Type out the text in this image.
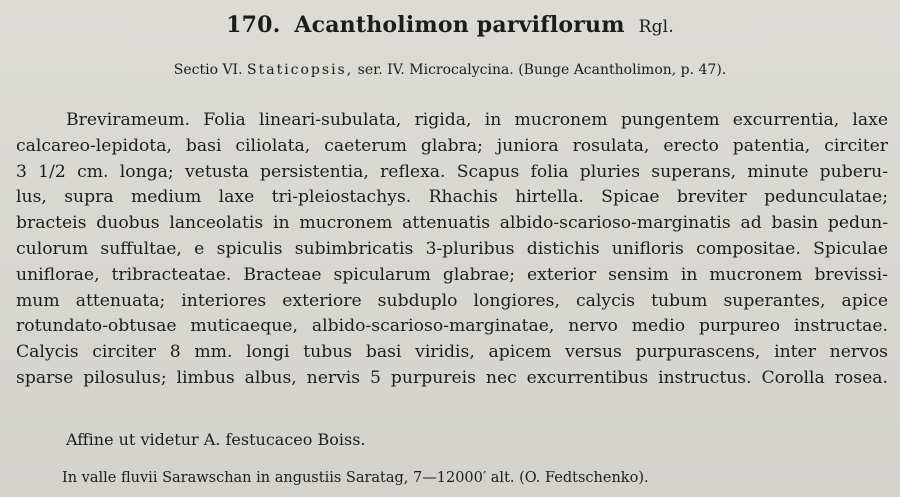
170. Acantholimon parviflorum Rgl.
Sectio VI. Staticopsis, ser. IV. Microcalycina. (Bunge Acantholimon, p. 47).
Brevirameum. Folia lineari-subulata, rigida, in mucronem pungentem excurrentia, laxe
calcareo-lepidota, basi ciliolata, caeterum glabra; juniora rosulata, erecto patentia, circiter
3 1/2 cm. longa; vetusta persistentia, reflexa. Scapus folia pluries superans, minute puberu-
lus, supra medium laxe tri-pleiostachys. Rhachis hirtella. Spicae breviter pedunculatae;
bracteis duobus lanceolatis in mucronem attenuatis albido-scarioso-marginatis ad basin pedun-
culorum suffultae, e spiculis subimbricatis 3-pluribus distichis unifloris compositae. Spiculae
uniflorae, tribracteatae. Bracteae spicularum glabrae; exterior sensim in mucronem brevissi-
mum attenuata; interiores exteriore subduplo longiores, calycis tubum superantes, apice
rotundato-obtusae muticaeque, albido-scarioso-marginatae, nervo medio purpureo instructae.
Calycis circiter 8 mm. longi tubus basi viridis, apicem versus purpurascens, inter nervos
sparse pilosulus; limbus albus, nervis 5 purpureis nec excurrentibus instructus. Corolla rosea.
Affine ut videtur A. festucaceo Boiss.
In valle fluvii Sarawschan in angustiis Saratag, 7—12000′ alt. (O. Fedtschenko).
